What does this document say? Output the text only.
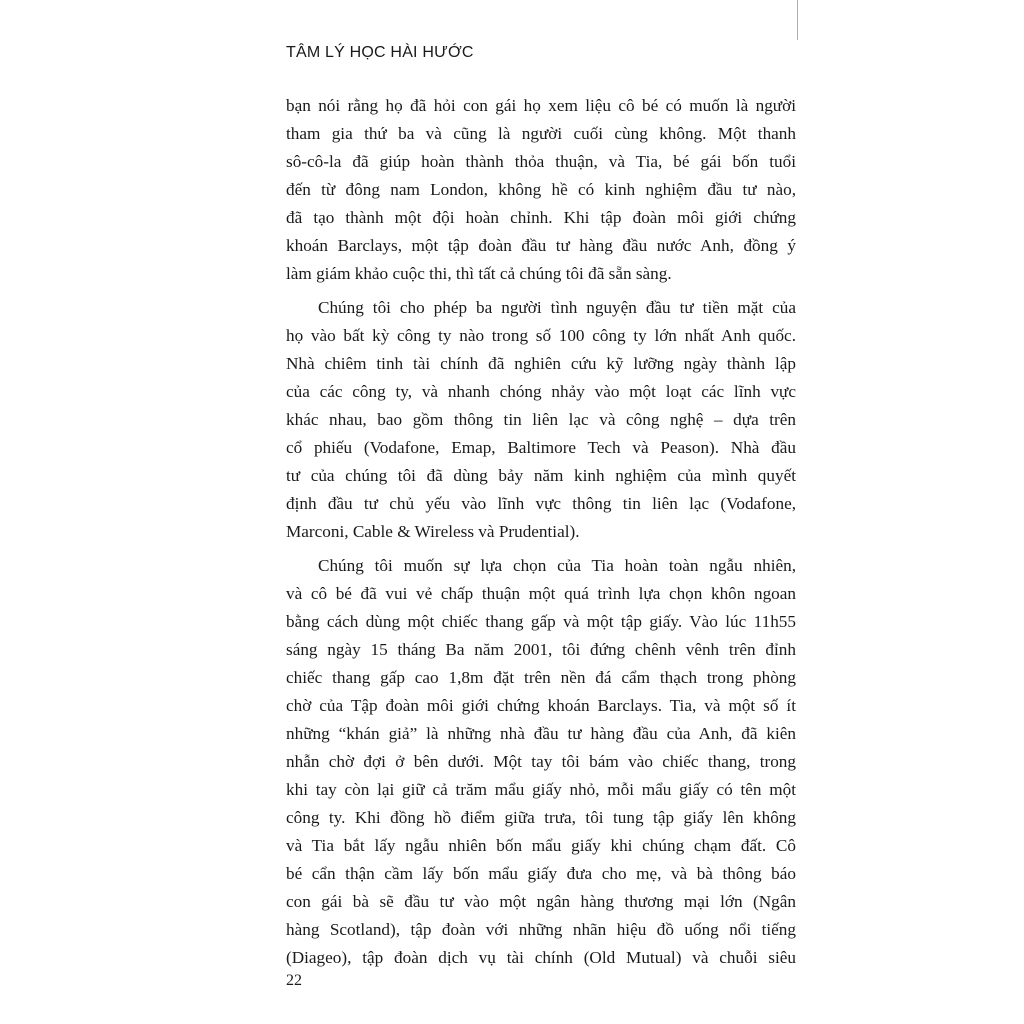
TÂM LÝ HỌC HÀI HƯỚC
bạn nói rằng họ đã hỏi con gái họ xem liệu cô bé có muốn là người
tham gia thứ ba và cũng là người cuối cùng không. Một thanh
sô-cô-la đã giúp hoàn thành thỏa thuận, và Tia, bé gái bốn tuổi
đến từ đông nam London, không hề có kinh nghiệm đầu tư nào,
đã tạo thành một đội hoàn chỉnh. Khi tập đoàn môi giới chứng
khoán Barclays, một tập đoàn đầu tư hàng đầu nước Anh, đồng ý
làm giám khảo cuộc thi, thì tất cả chúng tôi đã sẵn sàng.
Chúng tôi cho phép ba người tình nguyện đầu tư tiền mặt của
họ vào bất kỳ công ty nào trong số 100 công ty lớn nhất Anh quốc.
Nhà chiêm tinh tài chính đã nghiên cứu kỹ lưỡng ngày thành lập
của các công ty, và nhanh chóng nhảy vào một loạt các lĩnh vực
khác nhau, bao gồm thông tin liên lạc và công nghệ – dựa trên
cổ phiếu (Vodafone, Emap, Baltimore Tech và Peason). Nhà đầu
tư của chúng tôi đã dùng bảy năm kinh nghiệm của mình quyết
định đầu tư chủ yếu vào lĩnh vực thông tin liên lạc (Vodafone,
Marconi, Cable & Wireless và Prudential).
Chúng tôi muốn sự lựa chọn của Tia hoàn toàn ngẫu nhiên,
và cô bé đã vui vẻ chấp thuận một quá trình lựa chọn khôn ngoan
bằng cách dùng một chiếc thang gấp và một tập giấy. Vào lúc 11h55
sáng ngày 15 tháng Ba năm 2001, tôi đứng chênh vênh trên đỉnh
chiếc thang gấp cao 1,8m đặt trên nền đá cẩm thạch trong phòng
chờ của Tập đoàn môi giới chứng khoán Barclays. Tia, và một số ít
những “khán giả” là những nhà đầu tư hàng đầu của Anh, đã kiên
nhẫn chờ đợi ở bên dưới. Một tay tôi bám vào chiếc thang, trong
khi tay còn lại giữ cả trăm mẩu giấy nhỏ, mỗi mẩu giấy có tên một
công ty. Khi đồng hồ điểm giữa trưa, tôi tung tập giấy lên không
và Tia bắt lấy ngẫu nhiên bốn mẩu giấy khi chúng chạm đất. Cô
bé cẩn thận cầm lấy bốn mẩu giấy đưa cho mẹ, và bà thông báo
con gái bà sẽ đầu tư vào một ngân hàng thương mại lớn (Ngân
hàng Scotland), tập đoàn với những nhãn hiệu đồ uống nổi tiếng
(Diageo), tập đoàn dịch vụ tài chính (Old Mutual) và chuỗi siêu
22
